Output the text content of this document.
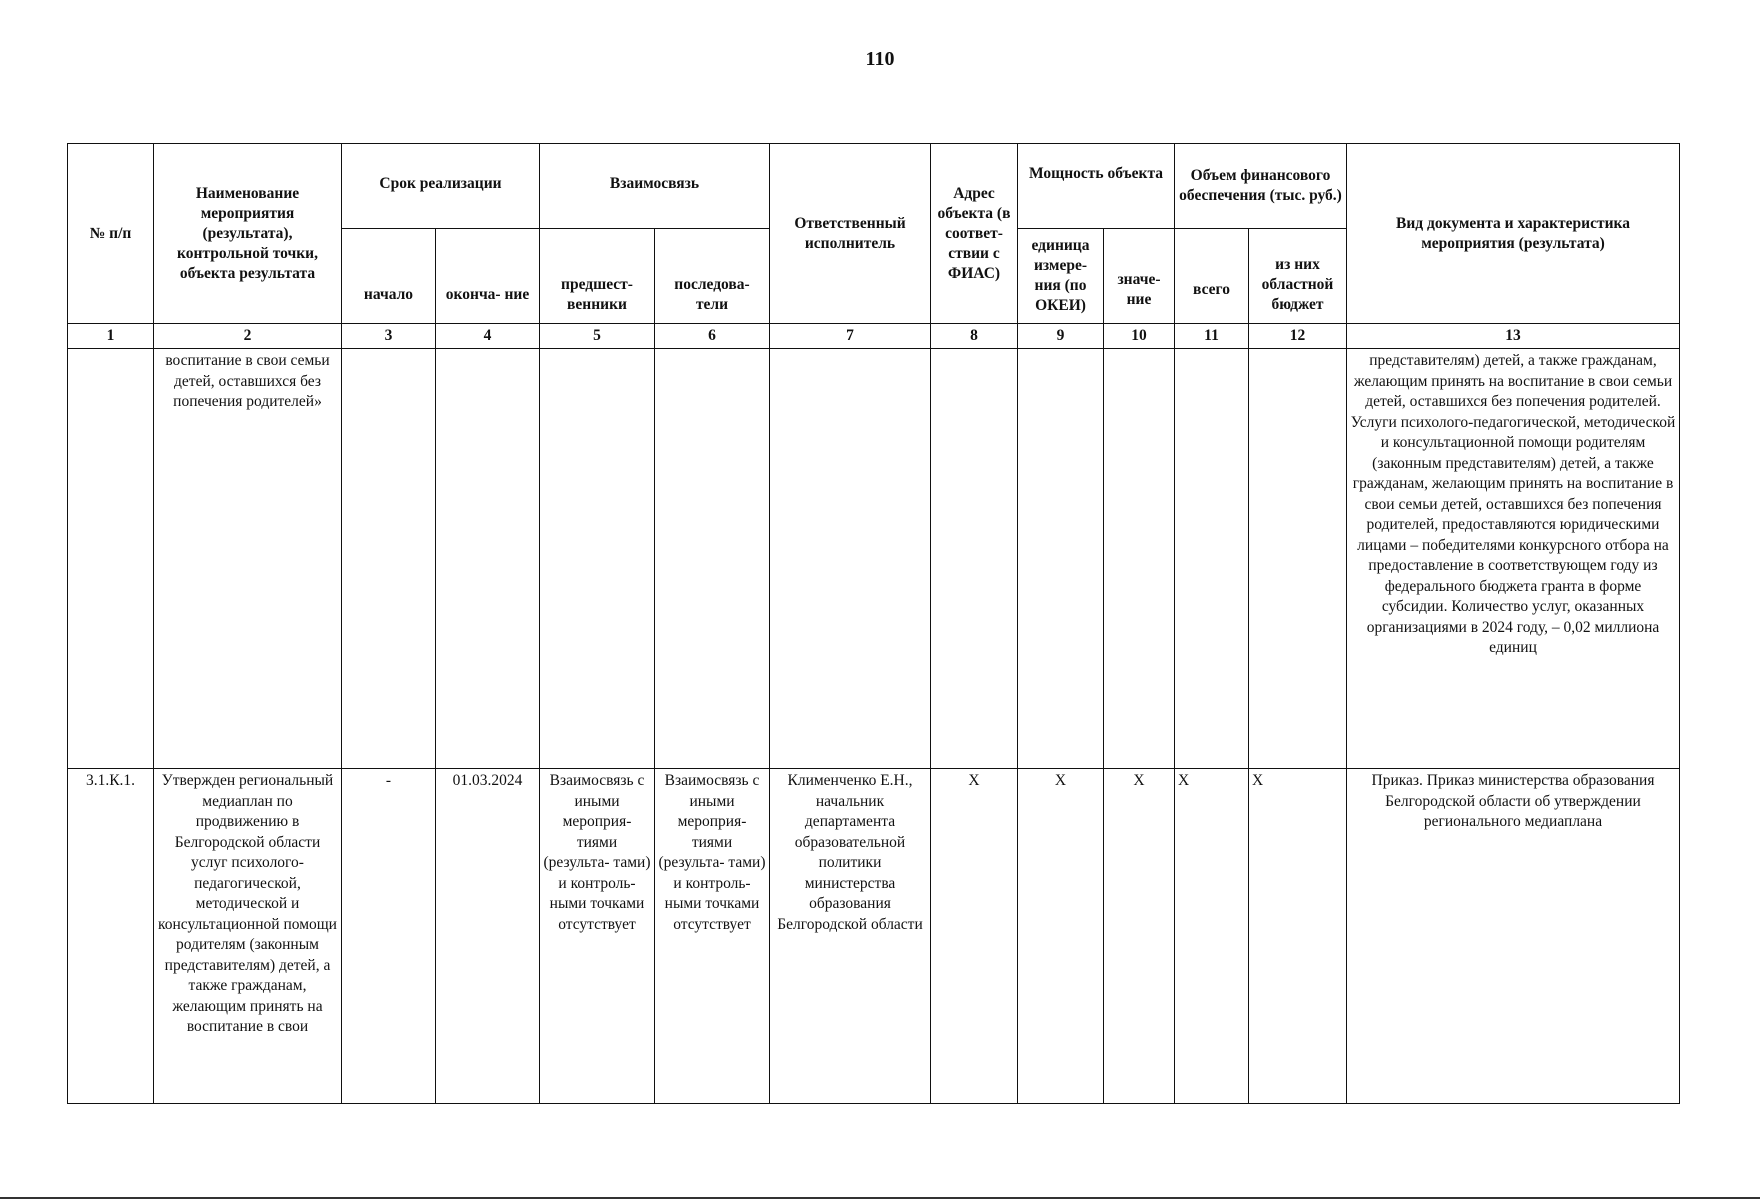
110
№ п/п	Наименование мероприятия (результата), контрольной точки, объекта результата	Срок реализации		Взаимосвязь		Ответственный исполнитель	Адрес объекта (в соответ- ствии с ФИАС)	Мощность объекта		Объем финансового обеспечения (тыс. руб.)		Вид документа и характеристика мероприятия (результата)
		начало	оконча- ние	предшест- венники	последова- тели			единица измере- ния (по ОКЕИ)	значе- ние	всего	из них областной бюджет	
1	2	3	4	5	6	7	8	9	10	11	12	13
	воспитание в свои семьи детей, оставшихся без попечения родителей»											представителям) детей, а также гражданам, желающим принять на воспитание в свои семьи детей, оставшихся без попечения родителей. Услуги психолого-педагогической, методической и консультационной помощи родителям (законным представителям) детей, а также гражданам, желающим принять на воспитание в свои семьи детей, оставшихся без попечения родителей, предоставляются юридическими лицами – победителями конкурсного отбора на предоставление в соответствующем году из федерального бюджета гранта в форме субсидии. Количество услуг, оказанных организациями в 2024 году, – 0,02 миллиона единиц
3.1.К.1.	Утвержден региональный медиаплан по продвижению в Белгородской области услуг психолого-педагогической, методической и консультационной помощи родителям (законным представителям) детей, а также гражданам, желающим принять на воспитание в свои	-	01.03.2024	Взаимосвязь с иными мероприя- тиями (результа- тами) и контроль- ными точками отсутствует	Взаимосвязь с иными мероприя- тиями (результа- тами) и контроль- ными точками отсутствует	Клименченко Е.Н., начальник департамента образовательной политики министерства образования Белгородской области	X	X	X	X	X	Приказ. Приказ министерства образования Белгородской области об утверждении регионального медиаплана
